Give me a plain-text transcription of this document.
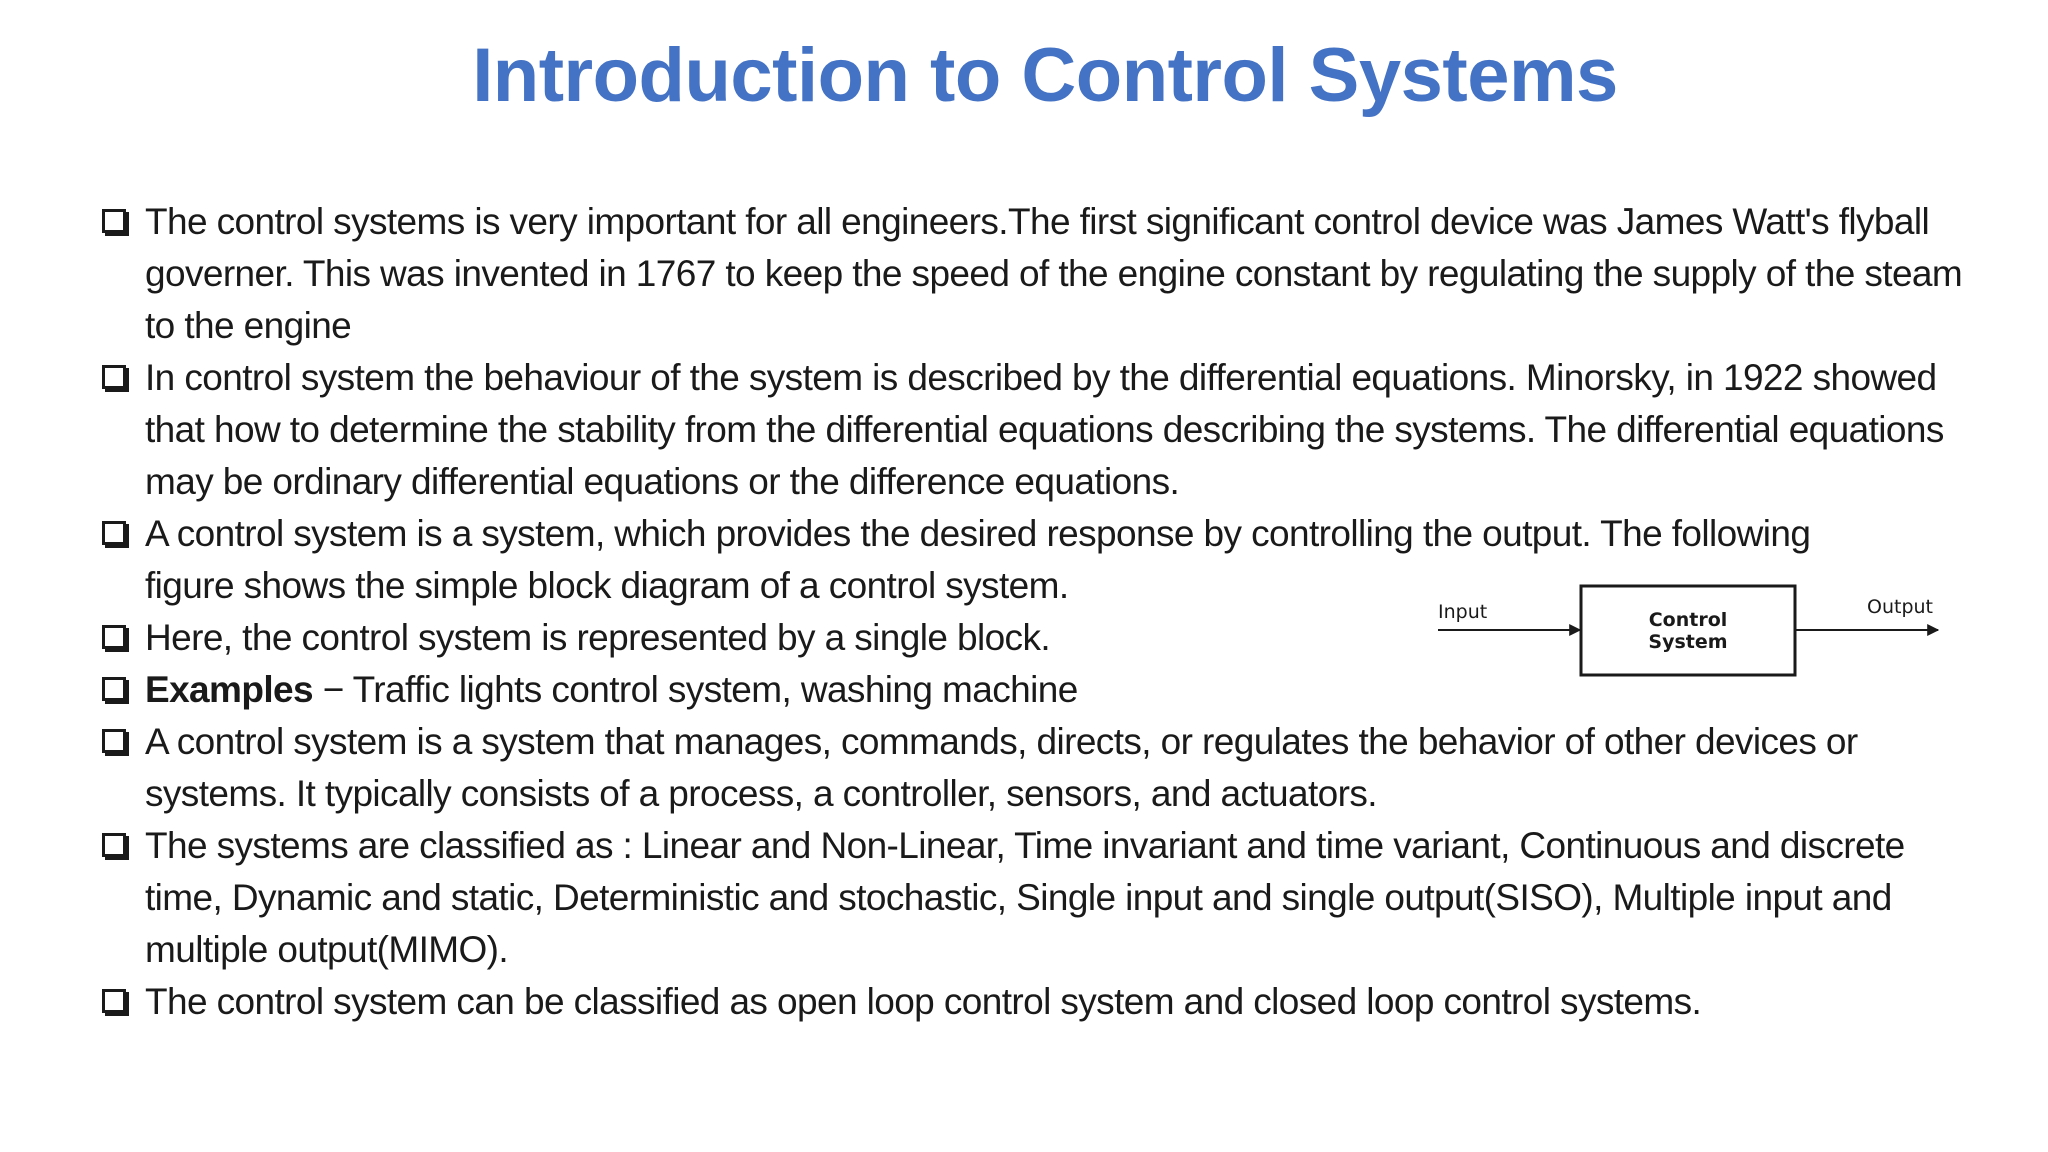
Introduction to Control Systems
The control systems is very important for all engineers.The first significant control device was James Watt's flyball governer. This was invented in 1767 to keep the speed of the engine constant by regulating the supply of the steam to the engine
In control system the behaviour of the system is described by the differential equations. Minorsky, in 1922 showed that how to determine the stability from the differential equations describing the systems. The differential equations may be ordinary differential equations or the difference equations.
A control system is a system, which provides the desired response by controlling the output. The following figure shows the simple block diagram of a control system.
Here, the control system is represented by a single block.
Examples − Traffic lights control system, washing machine
A control system is a system that manages, commands, directs, or regulates the behavior of other devices or systems. It typically consists of a process, a controller, sensors, and actuators.
The systems are classified as : Linear and Non-Linear, Time invariant and time variant, Continuous and discrete time, Dynamic and static, Deterministic and stochastic, Single input and single output(SISO), Multiple input and multiple output(MIMO).
The control system can be classified as open loop control system and closed loop control systems.
Input	Control
System
Output
